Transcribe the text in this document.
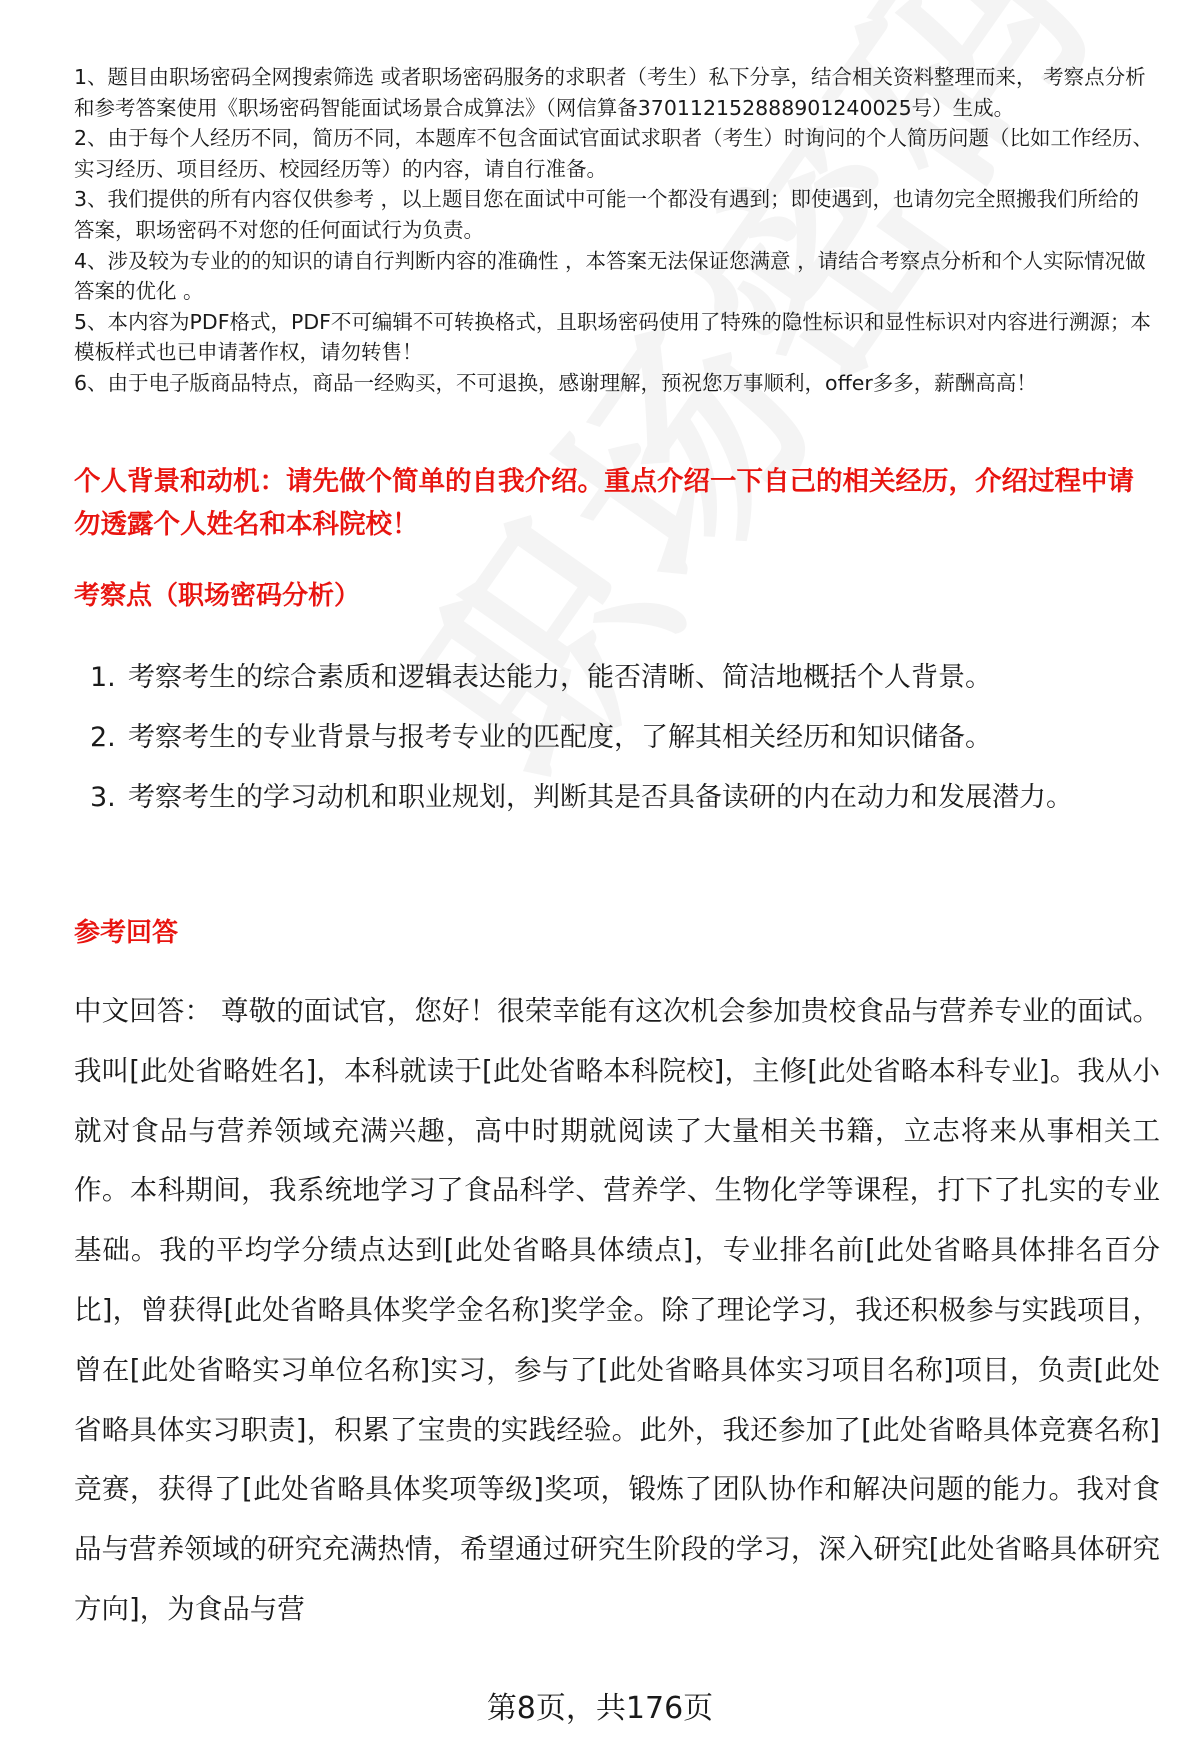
1、题目由职场密码全网搜索筛选 或者职场密码服务的求职者（考生）私下分享，结合相关资料整理而来， 考察点分析和参考答案使用《职场密码智能面试场景合成算法》（网信算备370112152888901240025号）生成。

2、由于每个人经历不同，简历不同，本题库不包含面试官面试求职者（考生）时询问的个人简历问题（比如工作经历、实习经历、项目经历、校园经历等）的内容，请自行准备。

3、我们提供的所有内容仅供参考 ，以上题目您在面试中可能一个都没有遇到；即使遇到，也请勿完全照搬我们所给的答案，职场密码不对您的任何面试行为负责。

4、涉及较为专业的的知识的请自行判断内容的准确性 ，本答案无法保证您满意 ，请结合考察点分析和个人实际情况做答案的优化 。

5、本内容为PDF格式，PDF不可编辑不可转换格式，且职场密码使用了特殊的隐性标识和显性标识对内容进行溯源；本模板样式也已申请著作权，请勿转售！

6、由于电子版商品特点，商品一经购买，不可退换，感谢理解，预祝您万事顺利，offer多多，薪酬高高！

个人背景和动机：请先做个简单的自我介绍。重点介绍一下自己的相关经历，介绍过程中请勿透露个人姓名和本科院校！

考察点（职场密码分析）

1. 考察考生的综合素质和逻辑表达能力，能否清晰、简洁地概括个人背景。
2. 考察考生的专业背景与报考专业的匹配度，了解其相关经历和知识储备。
3. 考察考生的学习动机和职业规划，判断其是否具备读研的内在动力和发展潜力。

参考回答

中文回答： 尊敬的面试官，您好！很荣幸能有这次机会参加贵校食品与营养专业的面试。我叫[此处省略姓名]，本科就读于[此处省略本科院校]，主修[此处省略本科专业]。我从小就对食品与营养领域充满兴趣，高中时期就阅读了大量相关书籍，立志将来从事相关工作。本科期间，我系统地学习了食品科学、营养学、生物化学等课程，打下了扎实的专业基础。我的平均学分绩点达到[此处省略具体绩点]，专业排名前[此处省略具体排名百分比]，曾获得[此处省略具体奖学金名称]奖学金。除了理论学习，我还积极参与实践项目，曾在[此处省略实习单位名称]实习，参与了[此处省略具体实习项目名称]项目，负责[此处省略具体实习职责]，积累了宝贵的实践经验。此外，我还参加了[此处省略具体竞赛名称]竞赛，获得了[此处省略具体奖项等级]奖项，锻炼了团队协作和解决问题的能力。我对食品与营养领域的研究充满热情，希望通过研究生阶段的学习，深入研究[此处省略具体研究方向]，为食品与营

第8页，共176页
